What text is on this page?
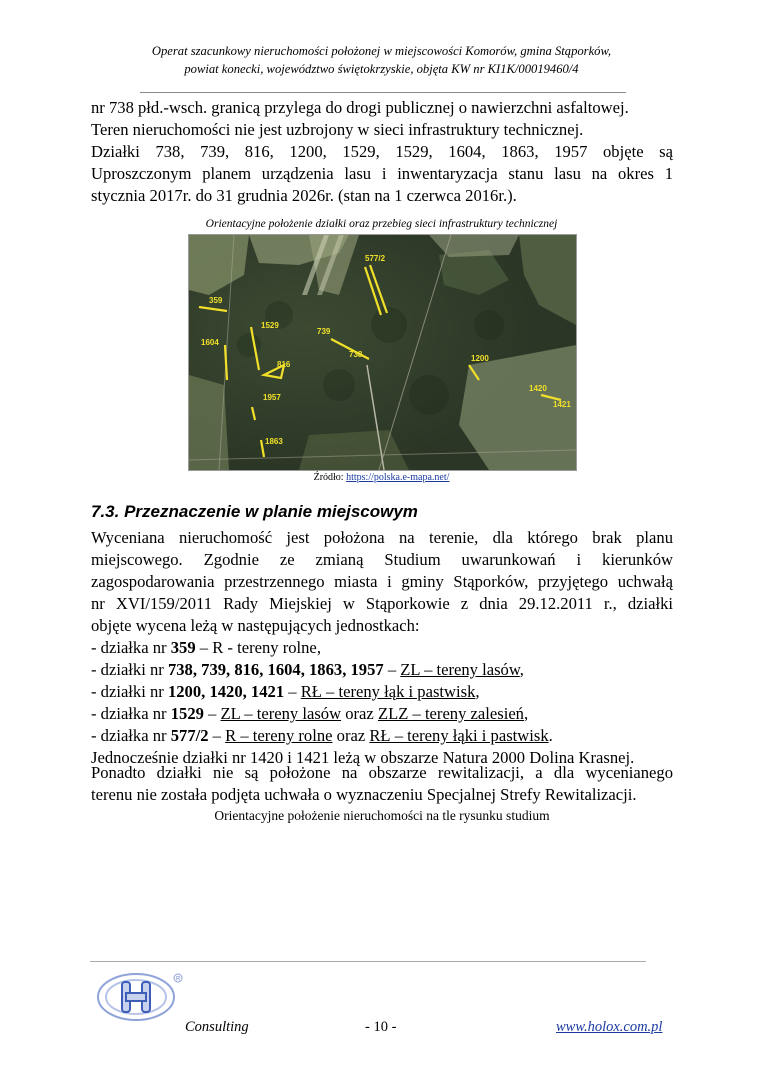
Operat szacunkowy nieruchomości położonej w miejscowości Komorów, gmina Stąporków,
powiat konecki, województwo świętokrzyskie, objęta KW nr KI1K/00019460/4
nr 738 płd.-wsch. granicą przylega do drogi publicznej o nawierzchni asfaltowej.
Teren nieruchomości nie jest uzbrojony w sieci infrastruktury technicznej.
Działki 738, 739, 816, 1200, 1529, 1529, 1604, 1863, 1957 objęte są
Uproszczonym planem urządzenia lasu i inwentaryzacja stanu lasu na okres 1
stycznia 2017r. do 31 grudnia 2026r. (stan na 1 czerwca 2016r.).
Orientacyjne położenie działki oraz przebieg sieci infrastruktury technicznej
577/2
359
1529
739
1604
816
738	1200
1420
1421
1957
1863
Źródło: https://polska.e-mapa.net/
7.3. Przeznaczenie w planie miejscowym
Wyceniana nieruchomość jest położona na terenie, dla którego brak planu
miejscowego. Zgodnie ze zmianą Studium uwarunkowań i kierunków
zagospodarowania przestrzennego miasta i gminy Stąporków, przyjętego uchwałą
nr XVI/159/2011 Rady Miejskiej w Stąporkowie z dnia 29.12.2011 r., działki
objęte wycena leżą w następujących jednostkach:
- działka nr 359 – R - tereny rolne,
- działki nr 738, 739, 816, 1604, 1863, 1957 – ZL – tereny lasów,
- działki nr 1200, 1420, 1421 – RŁ – tereny łąk i pastwisk,
- działka nr 1529 – ZL – tereny lasów oraz ZLZ – tereny zalesień,
- działka nr 577/2 – R – tereny rolne oraz RŁ – tereny łąki i pastwisk.
Jednocześnie działki nr 1420 i 1421 leżą w obszarze Natura 2000 Dolina Krasnej.
Ponadto działki nie są położone na obszarze rewitalizacji, a dla wycenianego
terenu nie została podjęta uchwała o wyznaczeniu Specjalnej Strefy Rewitalizacji.
Orientacyjne położenie nieruchomości na tle rysunku studium
R
Consulting	- 10 -	www.holox.com.pl
